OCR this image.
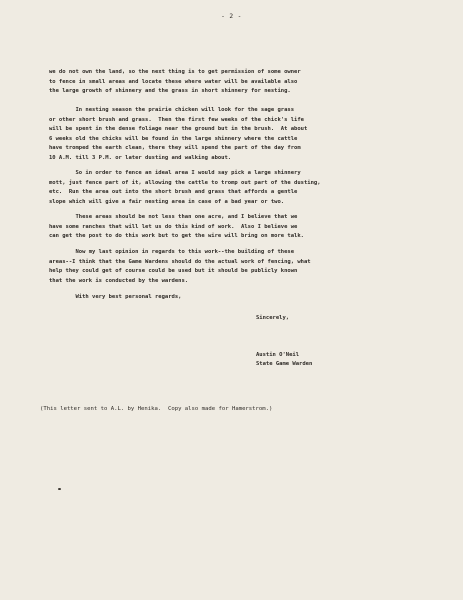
- 2 -

we do not own the land, so the next thing is to get permission of some owner
to fence in small areas and locate these where water will be available also
the large growth of shinnery and the grass in short shinnery for nesting.

In nesting season the prairie chicken will look for the sage grass
or other short brush and grass.  Then the first few weeks of the chick's life
will be spent in the dense foliage near the ground but in the brush.  At about
6 weeks old the chicks will be found in the large shinnery where the cattle
have tromped the earth clean, there they will spend the part of the day from
10 A.M. till 3 P.M. or later dusting and walking about.

So in order to fence an ideal area I would say pick a large shinnery
mott, just fence part of it, allowing the cattle to tromp out part of the dusting,
etc.  Run the area out into the short brush and grass that affords a gentle
slope which will give a fair nesting area in case of a bad year or two.

These areas should be not less than one acre, and I believe that we
have some ranches that will let us do this kind of work.  Also I believe we
can get the post to do this work but to get the wire will bring on more talk.

Now my last opinion in regards to this work--the building of these
areas--I think that the Game Wardens should do the actual work of fencing, what
help they could get of course could be used but it should be publicly known
that the work is conducted by the wardens.

With very best personal regards,

Sincerely,

Austin O'Neil

State Game Warden

(This letter sent to A.L. by Henika.  Copy also made for Hamerstrom.)
